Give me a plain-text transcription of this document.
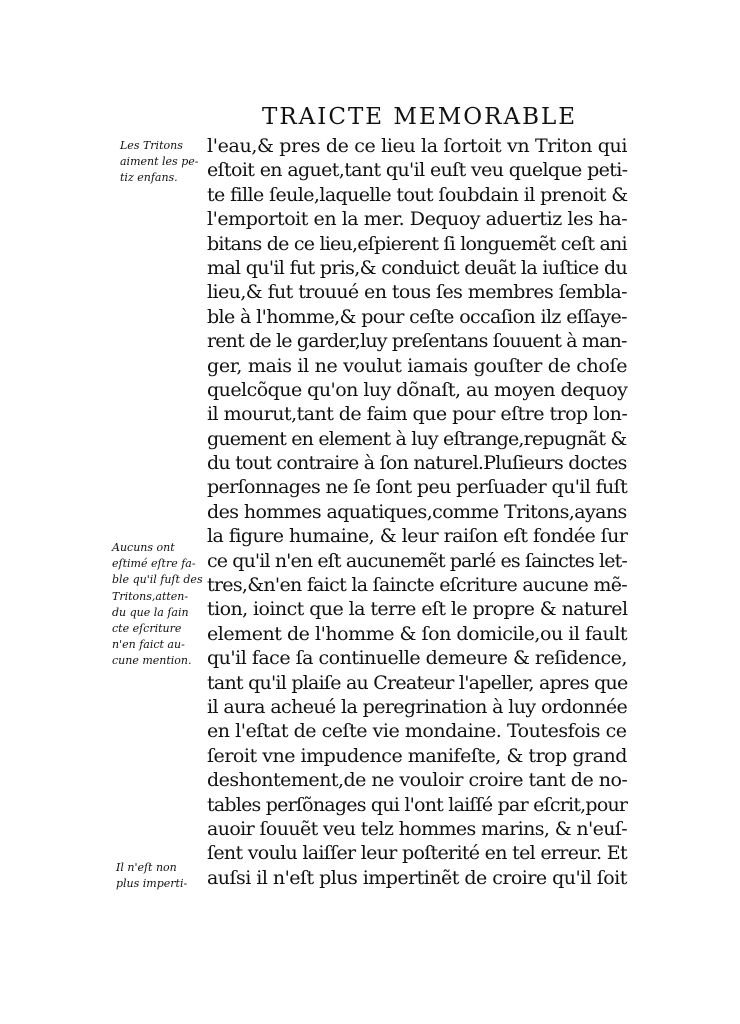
TRAICTE MEMORABLE
l'eau,& pres de ce lieu la ſortoit vn Triton qui
eſtoit en aguet,tant qu'il euſt veu quelque peti-
te fille ſeule,laquelle tout ſoubdain il prenoit &
l'emportoit en la mer. Dequoy aduertiz les ha-
bitans de ce lieu,eſpierent ſi longuemẽt ceſt ani
mal qu'il fut pris,& conduict deuãt la iuſtice du
lieu,& fut trouué en tous ſes membres ſembla-
ble à l'homme,& pour ceſte occaſion ilz eſſaye-
rent de le garder,luy preſentans ſouuent à man-
ger, mais il ne voulut iamais gouſter de choſe
quelcõque qu'on luy dõnaſt, au moyen dequoy
il mourut,tant de faim que pour eſtre trop lon-
guement en element à luy eſtrange,repugnãt &
du tout contraire à ſon naturel.Pluſieurs doctes
perſonnages ne ſe ſont peu perſuader qu'il fuſt
des hommes aquatiques,comme Tritons,ayans
la figure humaine, & leur raiſon eſt fondée ſur
ce qu'il n'en eſt aucunemẽt parlé es ſainctes let-
tres,&n'en faict la ſaincte eſcriture aucune mẽ-
tion, ioinct que la terre eſt le propre & naturel
element de l'homme & ſon domicile,ou il fault
qu'il face ſa continuelle demeure & reſidence,
tant qu'il plaiſe au Createur l'apeller, apres que
il aura acheué la peregrination à luy ordonnée
en l'eſtat de ceſte vie mondaine. Toutesfois ce
ſeroit vne impudence manifeſte, & trop grand
deshontement,de ne vouloir croire tant de no-
tables perſõnages qui l'ont laiſſé par eſcrit,pour
auoir ſouuẽt veu telz hommes marins, & n'euſ-
ſent voulu laiſſer leur poſterité en tel erreur. Et
auſsi il n'eſt plus impertinẽt de croire qu'il ſoit
Les Tritons
aiment les pe-
tiz enfans.
Aucuns ont
eſtimé eſtre fa-
ble qu'il fuſt des
Tritons,atten-
du que la ſain
cte eſcriture
n'en faict au-
cune mention.
Il n'eſt non
plus imperti-
